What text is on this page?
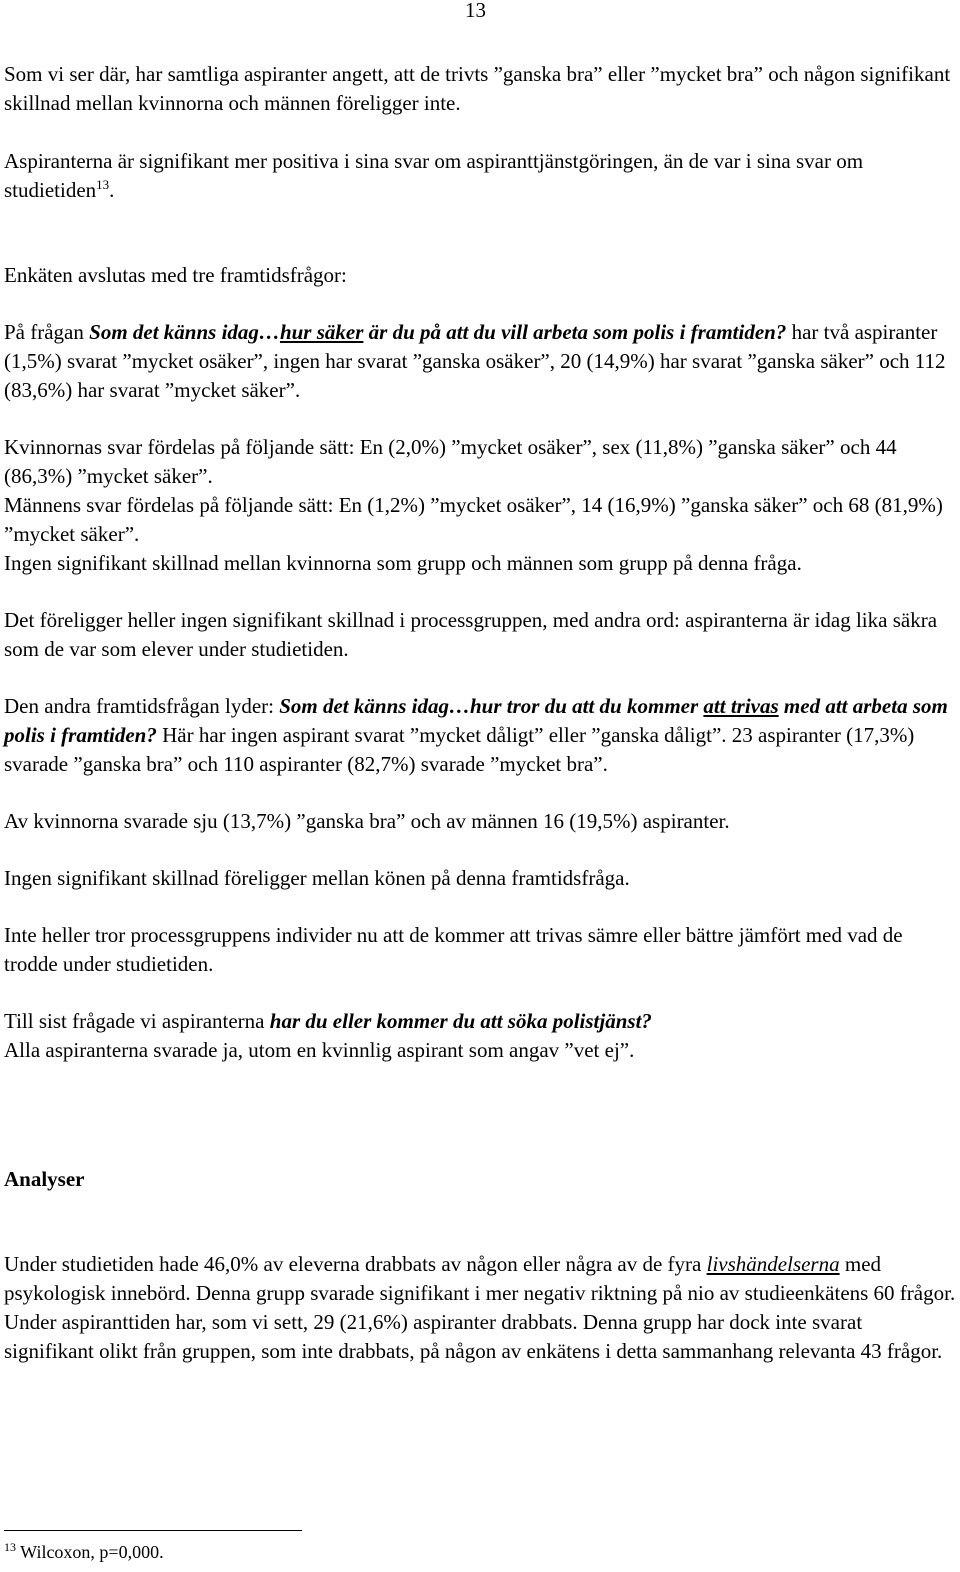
13

Som vi ser där, har samtliga aspiranter angett, att de trivts ”ganska bra” eller ”mycket bra” och någon signifikant skillnad mellan kvinnorna och männen föreligger inte.

Aspiranterna är signifikant mer positiva i sina svar om aspiranttjänstgöringen, än de var i sina svar om studietiden$^{13}$.

Enkäten avslutas med tre framtidsfrågor:

På frågan Som det känns idag…hur säker är du på att du vill arbeta som polis i framtiden? har två aspiranter (1,5%) svarat ”mycket osäker”, ingen har svarat ”ganska osäker”, 20 (14,9%) har svarat ”ganska säker” och 112 (83,6%) har svarat ”mycket säker”.

Kvinnornas svar fördelas på följande sätt: En (2,0%) ”mycket osäker”, sex (11,8%) ”ganska säker” och 44 (86,3%) ”mycket säker”.

Männens svar fördelas på följande sätt: En (1,2%) ”mycket osäker”, 14 (16,9%) ”ganska säker” och 68 (81,9%) ”mycket säker”.

Ingen signifikant skillnad mellan kvinnorna som grupp och männen som grupp på denna fråga.

Det föreligger heller ingen signifikant skillnad i processgruppen, med andra ord: aspiranterna är idag lika säkra som de var som elever under studietiden.

Den andra framtidsfrågan lyder: Som det känns idag…hur tror du att du kommer att trivas med att arbeta som polis i framtiden? Här har ingen aspirant svarat ”mycket dåligt” eller ”ganska dåligt”. 23 aspiranter (17,3%) svarade ”ganska bra” och 110 aspiranter (82,7%) svarade ”mycket bra”.

Av kvinnorna svarade sju (13,7%) ”ganska bra” och av männen 16 (19,5%) aspiranter.

Ingen signifikant skillnad föreligger mellan könen på denna framtidsfråga.

Inte heller tror processgruppens individer nu att de kommer att trivas sämre eller bättre jämfört med vad de trodde under studietiden.

Till sist frågade vi aspiranterna har du eller kommer du att söka polistjänst?

Alla aspiranterna svarade ja, utom en kvinnlig aspirant som angav ”vet ej”.

Analyser

Under studietiden hade 46,0% av eleverna drabbats av någon eller några av de fyra livshändelserna med psykologisk innebörd. Denna grupp svarade signifikant i mer negativ riktning på nio av studieenkätens 60 frågor. Under aspiranttiden har, som vi sett, 29 (21,6%) aspiranter drabbats. Denna grupp har dock inte svarat signifikant olikt från gruppen, som inte drabbats, på någon av enkätens i detta sammanhang relevanta 43 frågor.

$^{13}$ Wilcoxon, p=0,000.
